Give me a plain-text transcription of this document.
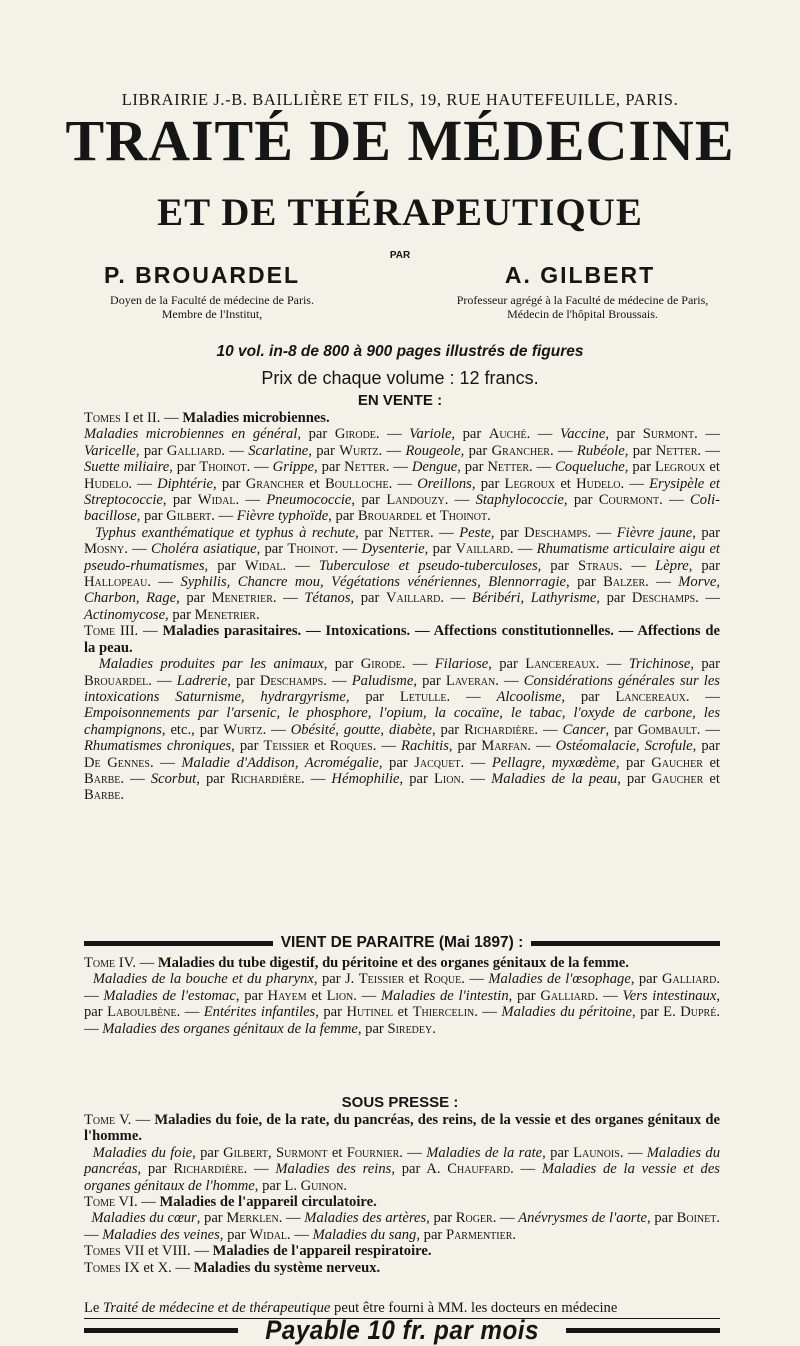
LIBRAIRIE J.-B. BAILLIÈRE ET FILS, 19, RUE HAUTEFEUILLE, PARIS.
TRAITÉ DE MÉDECINE
ET DE THÉRAPEUTIQUE
PAR
P. BROUARDEL
Doyen de la Faculté de médecine de Paris.
Membre de l'Institut,
A. GILBERT
Professeur agrégé à la Faculté de médecine de Paris,
Médecin de l'hôpital Broussais.
10 vol. in-8 de 800 à 900 pages illustrés de figures
Prix de chaque volume : 12 francs.
EN VENTE :

Tomes I et II. — Maladies microbiennes.

Maladies microbiennes en général, par Girode. — Variole, par Auché. — Vaccine, par Surmont. — Varicelle, par Galliard. — Scarlatine, par Wurtz. — Rougeole, par Grancher. — Rubéole, par Netter. — Suette miliaire, par Thoinot. — Grippe, par Netter. — Dengue, par Netter. — Coqueluche, par Legroux et Hudelo. — Diphtérie, par Grancher et Boulloche. — Oreillons, par Legroux et Hudelo. — Erysipèle et Streptococcie, par Widal. — Pneumococcie, par Landouzy. — Staphylococcie, par Courmont. — Coli-bacillose, par Gilbert. — Fièvre typhoïde, par Brouardel et Thoinot.

Typhus exanthématique et typhus à rechute, par Netter. — Peste, par Deschamps. — Fièvre jaune, par Mosny. — Choléra asiatique, par Thoinot. — Dysenterie, par Vaillard. — Rhumatisme articulaire aigu et pseudo-rhumatismes, par Widal. — Tuberculose et pseudo-tuberculoses, par Straus. — Lèpre, par Hallopeau. — Syphilis, Chancre mou, Végétations vénériennes, Blennorragie, par Balzer. — Morve, Charbon, Rage, par Menetrier. — Tétanos, par Vaillard. — Béribéri, Lathyrisme, par Deschamps. — Actinomycose, par Menetrier.

Tome III. — Maladies parasitaires. — Intoxications. — Affections constitutionnelles. — Affections de la peau.

Maladies produites par les animaux, par Girode. — Filariose, par Lancereaux. — Trichinose, par Brouardel. — Ladrerie, par Deschamps. — Paludisme, par Laveran. — Considérations générales sur les intoxications Saturnisme, hydrargyrisme, par Letulle. — Alcoolisme, par Lancereaux. — Empoisonnements par l'arsenic, le phosphore, l'opium, la cocaïne, le tabac, l'oxyde de carbone, les champignons, etc., par Wurtz. — Obésité, goutte, diabète, par Richardière. — Cancer, par Gombault. — Rhumatismes chroniques, par Teissier et Roques. — Rachitis, par Marfan. — Ostéomalacie, Scrofule, par De Gennes. — Maladie d'Addison, Acromégalie, par Jacquet. — Pellagre, myxœdème, par Gaucher et Barbe. — Scorbut, par Richardière. — Hémophilie, par Lion. — Maladies de la peau, par Gaucher et Barbe.

VIENT DE PARAITRE (Mai 1897) :

Tome IV. — Maladies du tube digestif, du péritoine et des organes génitaux de la femme.

Maladies de la bouche et du pharynx, par J. Teissier et Roque. — Maladies de l'œsophage, par Galliard. — Maladies de l'estomac, par Hayem et Lion. — Maladies de l'intestin, par Galliard. — Vers intestinaux, par Laboulbène. — Entérites infantiles, par Hutinel et Thiercelin. — Maladies du péritoine, par E. Dupré. — Maladies des organes génitaux de la femme, par Siredey.

SOUS PRESSE :

Tome V. — Maladies du foie, de la rate, du pancréas, des reins, de la vessie et des organes génitaux de l'homme.

Maladies du foie, par Gilbert, Surmont et Fournier. — Maladies de la rate, par Launois. — Maladies du pancréas, par Richardière. — Maladies des reins, par A. Chauffard. — Maladies de la vessie et des organes génitaux de l'homme, par L. Guinon.

Tome VI. — Maladies de l'appareil circulatoire.

Maladies du cœur, par Merklen. — Maladies des artères, par Roger. — Anévrysmes de l'aorte, par Boinet. — Maladies des veines, par Widal. — Maladies du sang, par Parmentier.

Tomes VII et VIII. — Maladies de l'appareil respiratoire.

Tomes IX et X. — Maladies du système nerveux.

Le Traité de médecine et de thérapeutique peut être fourni à MM. les docteurs en médecine
Payable 10 fr. par mois
